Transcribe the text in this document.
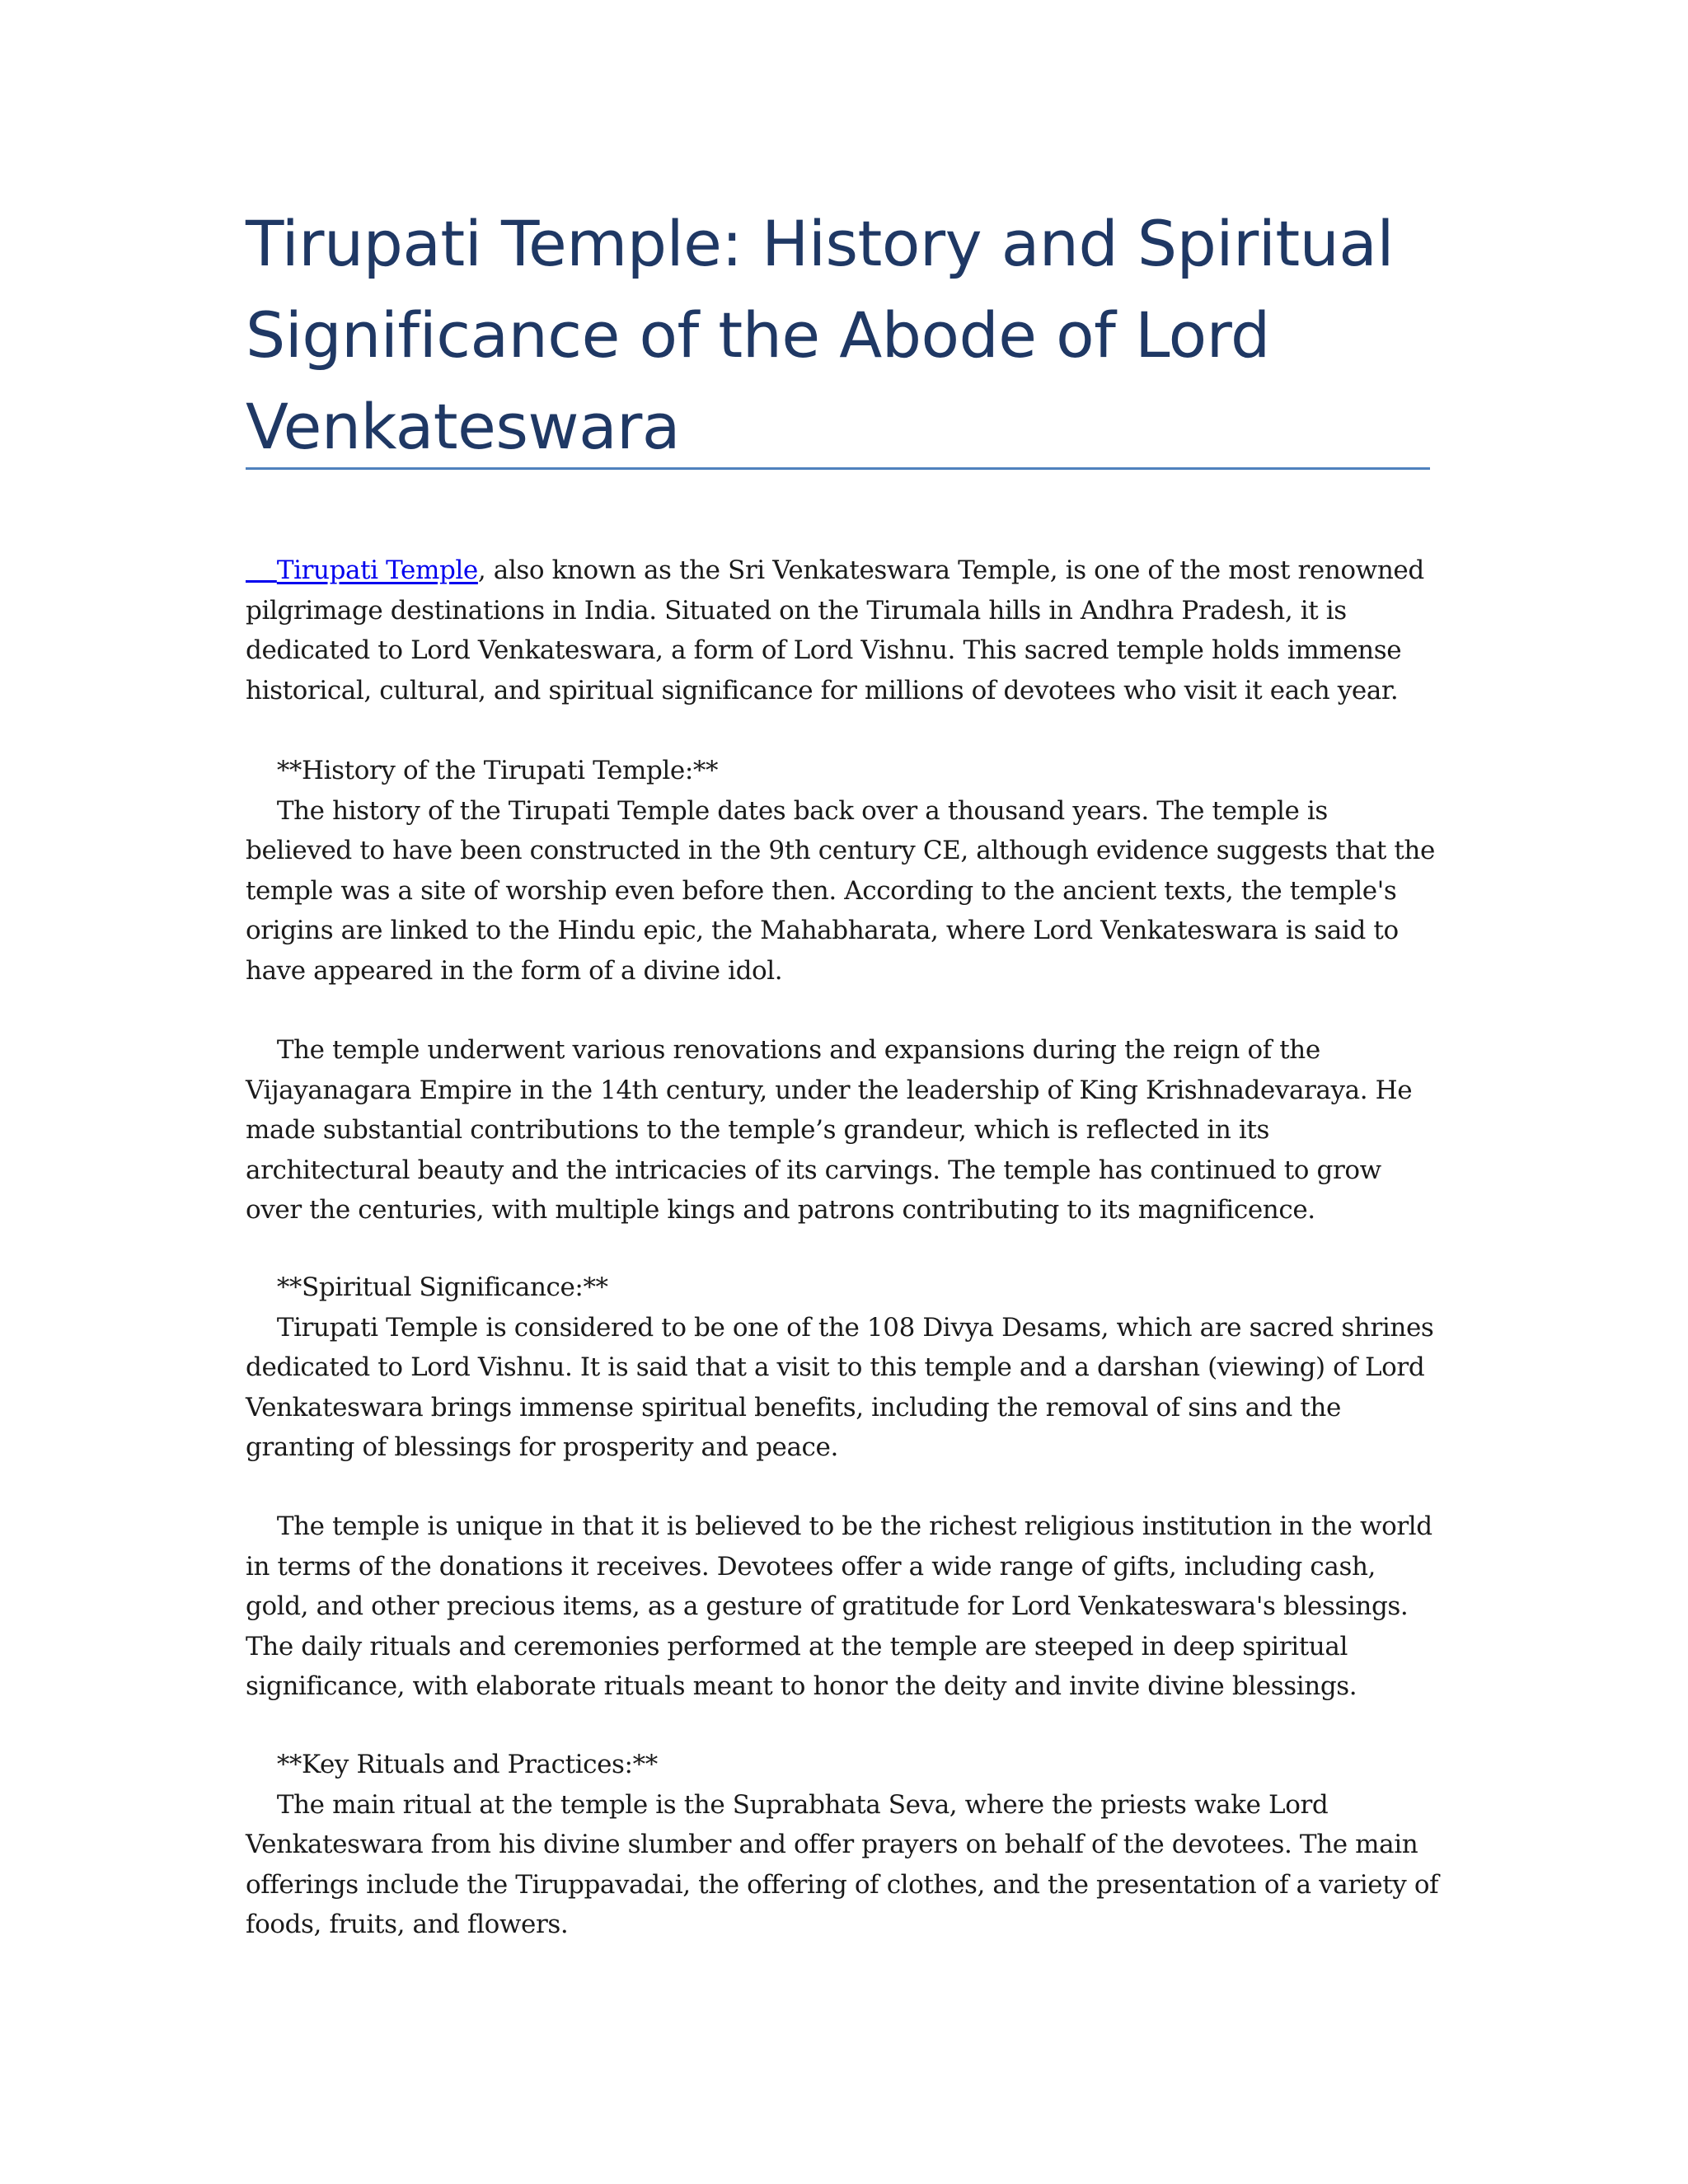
Tirupati Temple: History and Spiritual Significance of the Abode of Lord Venkateswara

Tirupati Temple, also known as the Sri Venkateswara Temple, is one of the most renowned pilgrimage destinations in India. Situated on the Tirumala hills in Andhra Pradesh, it is dedicated to Lord Venkateswara, a form of Lord Vishnu. This sacred temple holds immense historical, cultural, and spiritual significance for millions of devotees who visit it each year.

**History of the Tirupati Temple:**

The history of the Tirupati Temple dates back over a thousand years. The temple is believed to have been constructed in the 9th century CE, although evidence suggests that the temple was a site of worship even before then. According to the ancient texts, the temple's origins are linked to the Hindu epic, the Mahabharata, where Lord Venkateswara is said to have appeared in the form of a divine idol.

The temple underwent various renovations and expansions during the reign of the Vijayanagara Empire in the 14th century, under the leadership of King Krishnadevaraya. He made substantial contributions to the temple’s grandeur, which is reflected in its architectural beauty and the intricacies of its carvings. The temple has continued to grow over the centuries, with multiple kings and patrons contributing to its magnificence.

**Spiritual Significance:**

Tirupati Temple is considered to be one of the 108 Divya Desams, which are sacred shrines dedicated to Lord Vishnu. It is said that a visit to this temple and a darshan (viewing) of Lord Venkateswara brings immense spiritual benefits, including the removal of sins and the granting of blessings for prosperity and peace.

The temple is unique in that it is believed to be the richest religious institution in the world in terms of the donations it receives. Devotees offer a wide range of gifts, including cash, gold, and other precious items, as a gesture of gratitude for Lord Venkateswara's blessings. The daily rituals and ceremonies performed at the temple are steeped in deep spiritual significance, with elaborate rituals meant to honor the deity and invite divine blessings.

**Key Rituals and Practices:**

The main ritual at the temple is the Suprabhata Seva, where the priests wake Lord Venkateswara from his divine slumber and offer prayers on behalf of the devotees. The main offerings include the Tiruppavadai, the offering of clothes, and the presentation of a variety of foods, fruits, and flowers.
